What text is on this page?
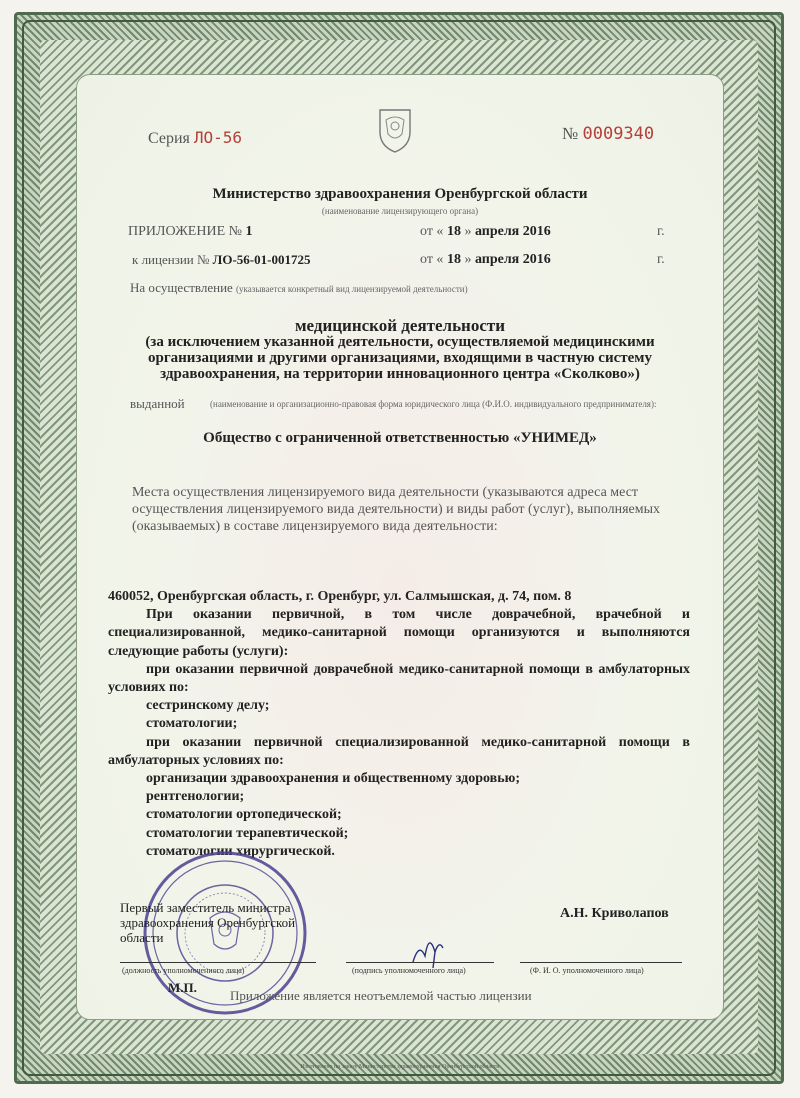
Серия ЛО-56	№ 0009340
Министерство здравоохранения Оренбургской области
(наименование лицензирующего органа)
ПРИЛОЖЕНИЕ № 1	от « 18 » апреля 2016	г.
к лицензии № ЛО-56-01-001725	от « 18 » апреля 2016	г.
На осуществление (указывается конкретный вид лицензируемой деятельности)
медицинской деятельности
(за исключением указанной деятельности, осуществляемой медицинскими организациями и другими организациями, входящими в частную систему здравоохранения, на территории инновационного центра «Сколково»)
выданной	(наименование и организационно-правовая форма юридического лица (Ф.И.О. индивидуального предпринимателя):
Общество с ограниченной ответственностью «УНИМЕД»
Места осуществления лицензируемого вида деятельности (указываются адреса мест осуществления лицензируемого вида деятельности) и виды работ (услуг), выполняемых (оказываемых) в составе лицензируемого вида деятельности:

460052, Оренбургская область, г. Оренбург, ул. Салмышская, д. 74, пом. 8

При оказании первичной, в том числе доврачебной, врачебной и специализированной, медико-санитарной помощи организуются и выполняются следующие работы (услуги):

при оказании первичной доврачебной медико-санитарной помощи в амбулаторных условиях по:

сестринскому делу;

стоматологии;

при оказании первичной специализированной медико-санитарной помощи в амбулаторных условиях по:

организации здравоохранения и общественному здоровью;

рентгенологии;

стоматологии ортопедической;

стоматологии терапевтической;

стоматологии хирургической.

Первый заместитель министра здравоохранения Оренбургской области
А.Н. Криволапов
(должность уполномоченного лица)	(подпись уполномоченного лица)	(Ф. И. О. уполномоченного лица)
М.П.
Приложение является неотъемлемой частью лицензии
Изготовлено по заказу Министерства здравоохранения Оренбургской области
